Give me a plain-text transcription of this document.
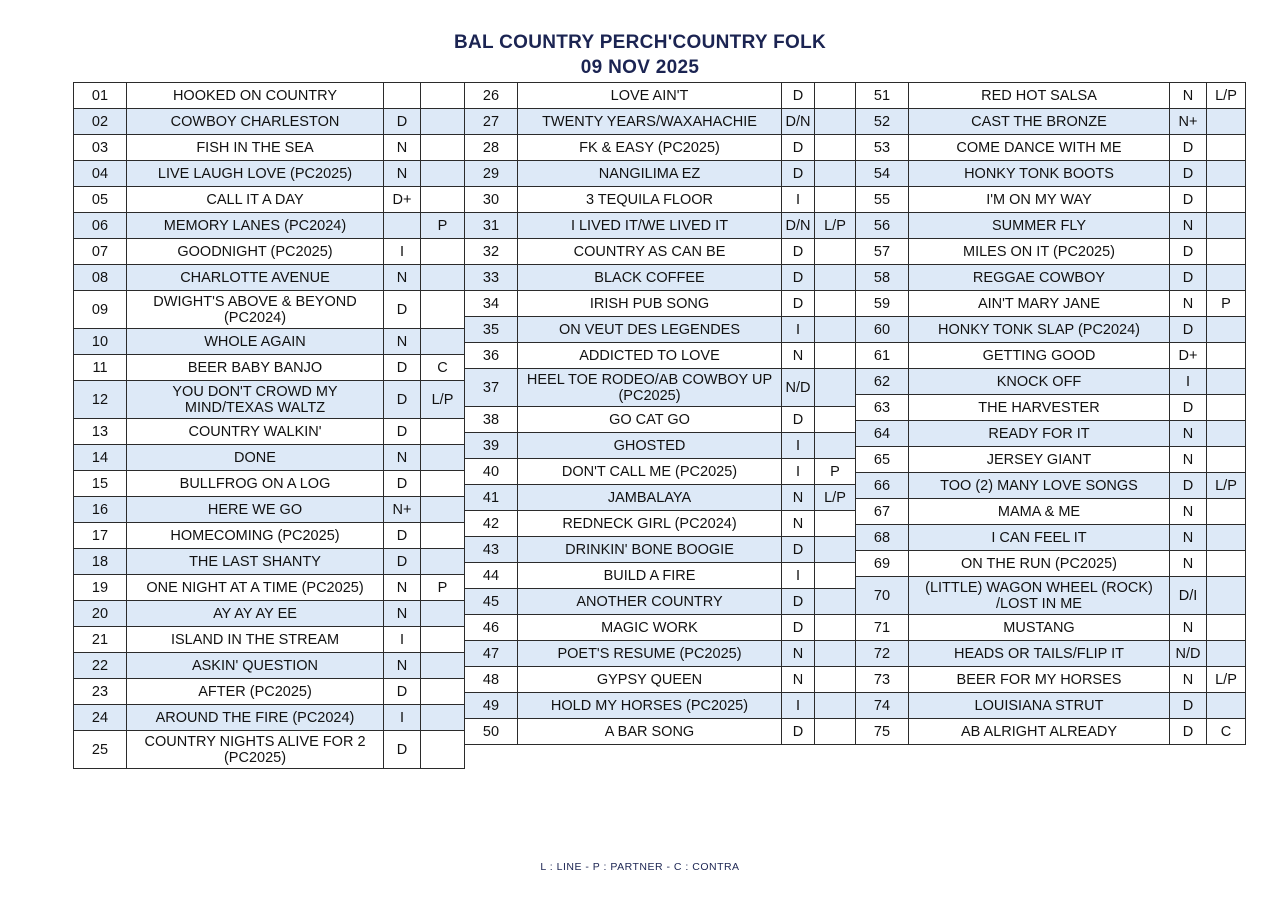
BAL COUNTRY PERCH'COUNTRY FOLK
09 NOV 2025
01	HOOKED ON COUNTRY		
02	COWBOY CHARLESTON	D	
03	FISH IN THE SEA	N	
04	LIVE LAUGH LOVE (PC2025)	N	
05	CALL IT A DAY	D+	
06	MEMORY LANES (PC2024)		P
07	GOODNIGHT (PC2025)	I	
08	CHARLOTTE AVENUE	N	
09	DWIGHT'S ABOVE & BEYOND (PC2024)	D	
10	WHOLE AGAIN	N	
11	BEER BABY BANJO	D	C
12	YOU DON'T CROWD MY MIND/TEXAS WALTZ	D	L/P
13	COUNTRY WALKIN'	D	
14	DONE	N	
15	BULLFROG ON A LOG	D	
16	HERE WE GO	N+	
17	HOMECOMING (PC2025)	D	
18	THE LAST SHANTY	D	
19	ONE NIGHT AT A TIME (PC2025)	N	P
20	AY AY AY EE	N	
21	ISLAND IN THE STREAM	I	
22	ASKIN' QUESTION	N	
23	AFTER (PC2025)	D	
24	AROUND THE FIRE (PC2024)	I	
25	COUNTRY NIGHTS ALIVE FOR 2 (PC2025)	D	
26	LOVE AIN'T	D	
27	TWENTY YEARS/WAXAHACHIE	D/N	
28	FK & EASY (PC2025)	D	
29	NANGILIMA EZ	D	
30	3 TEQUILA FLOOR	I	
31	I LIVED IT/WE LIVED IT	D/N	L/P
32	COUNTRY AS CAN BE	D	
33	BLACK COFFEE	D	
34	IRISH PUB SONG	D	
35	ON VEUT DES LEGENDES	I	
36	ADDICTED TO LOVE	N	
37	HEEL TOE RODEO/AB COWBOY UP (PC2025)	N/D	
38	GO CAT GO	D	
39	GHOSTED	I	
40	DON'T CALL ME (PC2025)	I	P
41	JAMBALAYA	N	L/P
42	REDNECK GIRL (PC2024)	N	
43	DRINKIN' BONE BOOGIE	D	
44	BUILD A FIRE	I	
45	ANOTHER COUNTRY	D	
46	MAGIC WORK	D	
47	POET'S RESUME (PC2025)	N	
48	GYPSY QUEEN	N	
49	HOLD MY HORSES (PC2025)	I	
50	A BAR SONG	D	
51	RED HOT SALSA	N	L/P
52	CAST THE BRONZE	N+	
53	COME DANCE WITH ME	D	
54	HONKY TONK BOOTS	D	
55	I'M ON MY WAY	D	
56	SUMMER FLY	N	
57	MILES ON IT (PC2025)	D	
58	REGGAE COWBOY	D	
59	AIN'T MARY JANE	N	P
60	HONKY TONK SLAP (PC2024)	D	
61	GETTING GOOD	D+	
62	KNOCK OFF	I	
63	THE HARVESTER	D	
64	READY FOR IT	N	
65	JERSEY GIANT	N	
66	TOO (2) MANY LOVE SONGS	D	L/P
67	MAMA & ME	N	
68	I CAN FEEL IT	N	
69	ON THE RUN (PC2025)	N	
70	(LITTLE) WAGON WHEEL (ROCK) /LOST IN ME	D/I	
71	MUSTANG	N	
72	HEADS OR TAILS/FLIP IT	N/D	
73	BEER FOR MY HORSES	N	L/P
74	LOUISIANA STRUT	D	
75	AB ALRIGHT ALREADY	D	C
L : LINE - P : PARTNER - C : CONTRA
